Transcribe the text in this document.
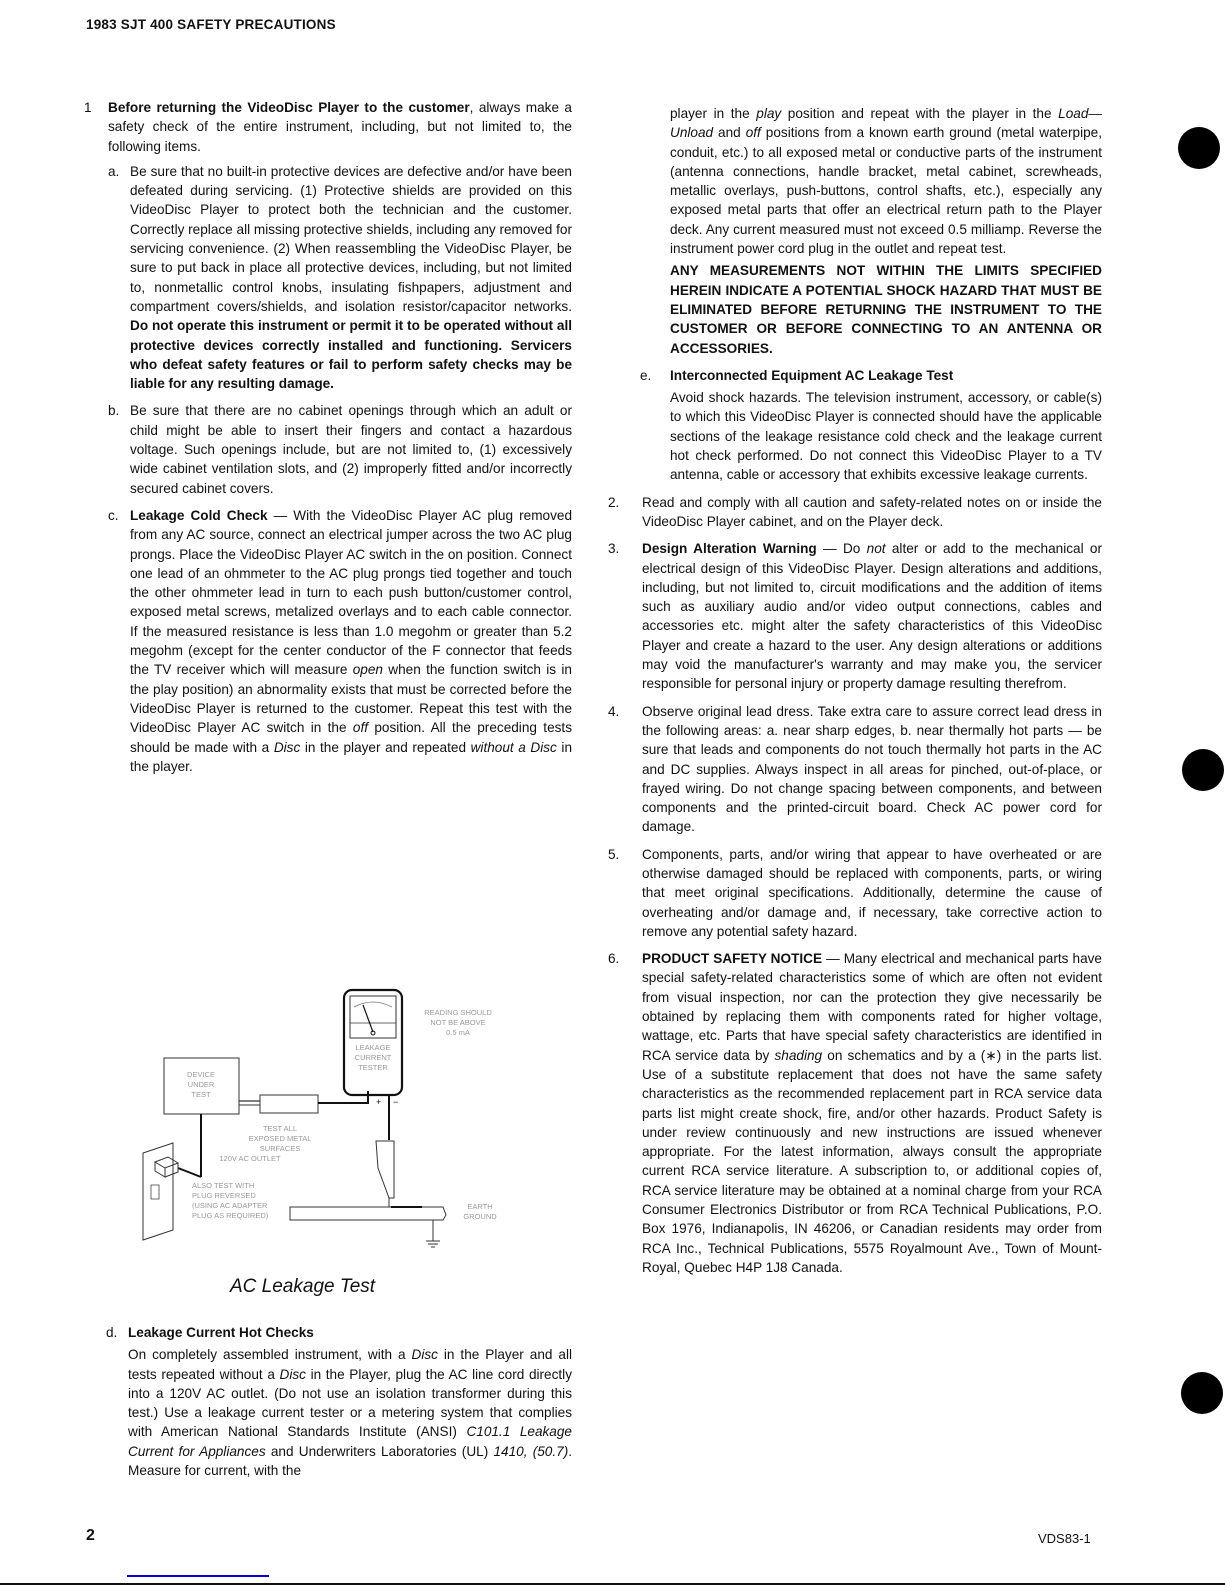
1983 SJT 400 SAFETY PRECAUTIONS
1 Before returning the VideoDisc Player to the customer, always make a safety check of the entire instrument, including, but not limited to, the following items.

a. Be sure that no built-in protective devices are defective and/or have been defeated during servicing. (1) Protective shields are provided on this VideoDisc Player to protect both the technician and the customer. Correctly replace all missing protective shields, including any removed for servicing convenience. (2) When reassembling the VideoDisc Player, be sure to put back in place all protective devices, including, but not limited to, nonmetallic control knobs, insulating fishpapers, adjustment and compartment covers/shields, and isolation resistor/capacitor networks. Do not operate this instrument or permit it to be operated without all protective devices correctly installed and functioning. Servicers who defeat safety features or fail to perform safety checks may be liable for any resulting damage.

b. Be sure that there are no cabinet openings through which an adult or child might be able to insert their fingers and contact a hazardous voltage. Such openings include, but are not limited to, (1) excessively wide cabinet ventilation slots, and (2) improperly fitted and/or incorrectly secured cabinet covers.

c. Leakage Cold Check — With the VideoDisc Player AC plug removed from any AC source, connect an electrical jumper across the two AC plug prongs. Place the VideoDisc Player AC switch in the on position. Connect one lead of an ohmmeter to the AC plug prongs tied together and touch the other ohmmeter lead in turn to each push button/customer control, exposed metal screws, metalized overlays and to each cable connector. If the measured resistance is less than 1.0 megohm or greater than 5.2 megohm (except for the center conductor of the F connector that feeds the TV receiver which will measure open when the function switch is in the play position) an abnormality exists that must be corrected before the VideoDisc Player is returned to the customer. Repeat this test with the VideoDisc Player AC switch in the off position. All the preceding tests should be made with a Disc in the player and repeated without a Disc in the player.

DEVICE
UNDER
TEST
TEST ALL
EXPOSED METAL
SURFACES
LEAKAGE
CURRENT
TESTER
+ −
READING SHOULD
NOT BE ABOVE
0.5 mA
EARTH
GROUND
120V AC OUTLET
ALSO TEST WITH
PLUG REVERSED
(USING AC ADAPTER
PLUG AS REQUIRED)
AC Leakage Test
d. Leakage Current Hot Checks

On completely assembled instrument, with a Disc in the Player and all tests repeated without a Disc in the Player, plug the AC line cord directly into a 120V AC outlet. (Do not use an isolation transformer during this test.) Use a leakage current tester or a metering system that complies with American National Standards Institute (ANSI) C101.1 Leakage Current for Appliances and Underwriters Laboratories (UL) 1410, (50.7). Measure for current, with the

player in the play position and repeat with the player in the Load—Unload and off positions from a known earth ground (metal waterpipe, conduit, etc.) to all exposed metal or conductive parts of the instrument (antenna connections, handle bracket, metal cabinet, screwheads, metallic overlays, push-buttons, control shafts, etc.), especially any exposed metal parts that offer an electrical return path to the Player deck. Any current measured must not exceed 0.5 milliamp. Reverse the instrument power cord plug in the outlet and repeat test.

ANY MEASUREMENTS NOT WITHIN THE LIMITS SPECIFIED HEREIN INDICATE A POTENTIAL SHOCK HAZARD THAT MUST BE ELIMINATED BEFORE RETURNING THE INSTRUMENT TO THE CUSTOMER OR BEFORE CONNECTING TO AN ANTENNA OR ACCESSORIES.

e. Interconnected Equipment AC Leakage Test

Avoid shock hazards. The television instrument, accessory, or cable(s) to which this VideoDisc Player is connected should have the applicable sections of the leakage resistance cold check and the leakage current hot check performed. Do not connect this VideoDisc Player to a TV antenna, cable or accessory that exhibits excessive leakage currents.

2. Read and comply with all caution and safety-related notes on or inside the VideoDisc Player cabinet, and on the Player deck.

3. Design Alteration Warning — Do not alter or add to the mechanical or electrical design of this VideoDisc Player. Design alterations and additions, including, but not limited to, circuit modifications and the addition of items such as auxiliary audio and/or video output connections, cables and accessories etc. might alter the safety characteristics of this VideoDisc Player and create a hazard to the user. Any design alterations or additions may void the manufacturer's warranty and may make you, the servicer responsible for personal injury or property damage resulting therefrom.

4. Observe original lead dress. Take extra care to assure correct lead dress in the following areas: a. near sharp edges, b. near thermally hot parts — be sure that leads and components do not touch thermally hot parts in the AC and DC supplies. Always inspect in all areas for pinched, out-of-place, or frayed wiring. Do not change spacing between components, and between components and the printed-circuit board. Check AC power cord for damage.

5. Components, parts, and/or wiring that appear to have overheated or are otherwise damaged should be replaced with components, parts, or wiring that meet original specifications. Additionally, determine the cause of overheating and/or damage and, if necessary, take corrective action to remove any potential safety hazard.

6. PRODUCT SAFETY NOTICE — Many electrical and mechanical parts have special safety-related characteristics some of which are often not evident from visual inspection, nor can the protection they give necessarily be obtained by replacing them with components rated for higher voltage, wattage, etc. Parts that have special safety characteristics are identified in RCA service data by shading on schematics and by a (∗) in the parts list. Use of a substitute replacement that does not have the same safety characteristics as the recommended replacement part in RCA service data parts list might create shock, fire, and/or other hazards. Product Safety is under review continuously and new instructions are issued whenever appropriate. For the latest information, always consult the appropriate current RCA service literature. A subscription to, or additional copies of, RCA service literature may be obtained at a nominal charge from your RCA Consumer Electronics Distributor or from RCA Technical Publications, P.O. Box 1976, Indianapolis, IN 46206, or Canadian residents may order from RCA Inc., Technical Publications, 5575 Royalmount Ave., Town of Mount-Royal, Quebec H4P 1J8 Canada.

2	VDS83-1
